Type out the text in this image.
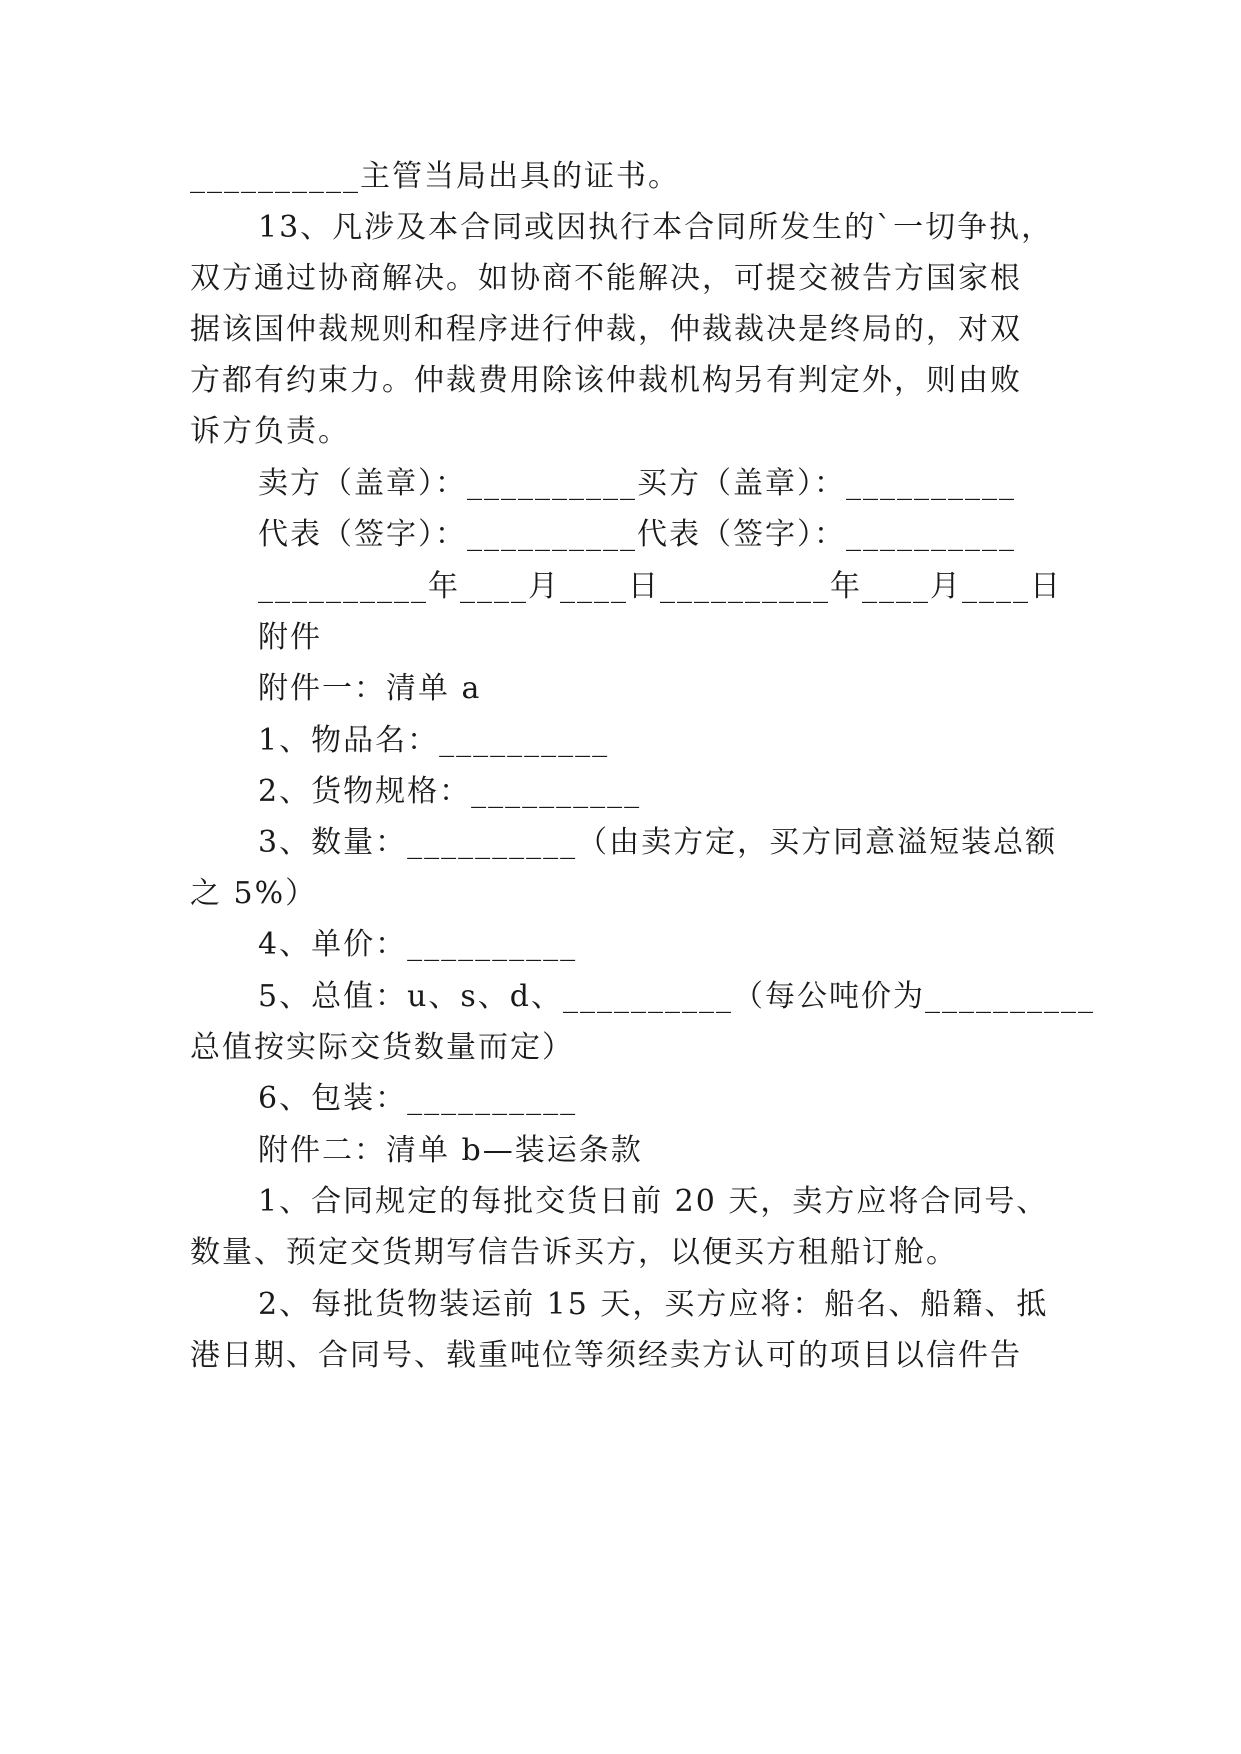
__________主管当局出具的证书。
13、凡涉及本合同或因执行本合同所发生的`一切争执，
双方通过协商解决。如协商不能解决，可提交被告方国家根
据该国仲裁规则和程序进行仲裁，仲裁裁决是终局的，对双
方都有约束力。仲裁费用除该仲裁机构另有判定外，则由败
诉方负责。
卖方（盖章）：__________买方（盖章）：__________
代表（签字）：__________代表（签字）：__________
__________年____月____日__________年____月____日
附件
附件一：清单 a
1、物品名：__________
2、货物规格：__________
3、数量：__________（由卖方定，买方同意溢短装总额
之 5%）
4、单价：__________
5、总值：u、s、d、__________（每公吨价为__________
总值按实际交货数量而定）
6、包装：__________
附件二：清单 b—装运条款
1、合同规定的每批交货日前 20 天，卖方应将合同号、
数量、预定交货期写信告诉买方，以便买方租船订舱。
2、每批货物装运前 15 天，买方应将：船名、船籍、抵
港日期、合同号、载重吨位等须经卖方认可的项目以信件告
